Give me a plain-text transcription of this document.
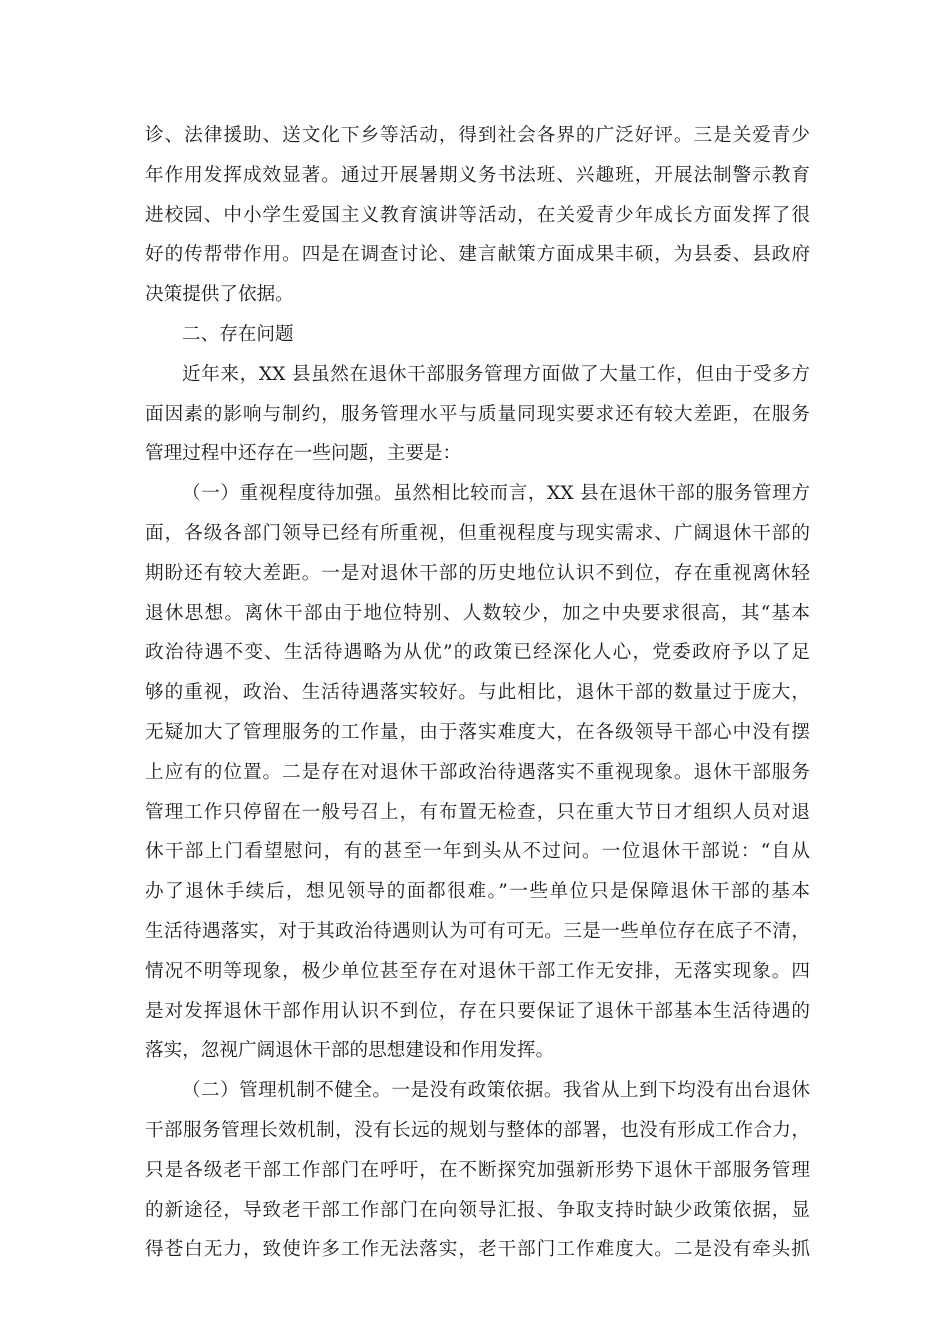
诊、法律援助、送文化下乡等活动，得到社会各界的广泛好评。三是关爱青少
年作用发挥成效显著。通过开展暑期义务书法班、兴趣班，开展法制警示教育
进校园、中小学生爱国主义教育演讲等活动，在关爱青少年成长方面发挥了很
好的传帮带作用。四是在调查讨论、建言献策方面成果丰硕，为县委、县政府
决策提供了依据。
二、存在问题
近年来，XX 县虽然在退休干部服务管理方面做了大量工作，但由于受多方
面因素的影响与制约，服务管理水平与质量同现实要求还有较大差距，在服务
管理过程中还存在一些问题，主要是：
（一）重视程度待加强。虽然相比较而言，XX 县在退休干部的服务管理方
面，各级各部门领导已经有所重视，但重视程度与现实需求、广阔退休干部的
期盼还有较大差距。一是对退休干部的历史地位认识不到位，存在重视离休轻
退休思想。离休干部由于地位特别、人数较少，加之中央要求很高，其“基本
政治待遇不变、生活待遇略为从优”的政策已经深化人心，党委政府予以了足
够的重视，政治、生活待遇落实较好。与此相比，退休干部的数量过于庞大，
无疑加大了管理服务的工作量，由于落实难度大，在各级领导干部心中没有摆
上应有的位置。二是存在对退休干部政治待遇落实不重视现象。退休干部服务
管理工作只停留在一般号召上，有布置无检查，只在重大节日才组织人员对退
休干部上门看望慰问，有的甚至一年到头从不过问。一位退休干部说：“自从
办了退休手续后，想见领导的面都很难。”一些单位只是保障退休干部的基本
生活待遇落实，对于其政治待遇则认为可有可无。三是一些单位存在底子不清，
情况不明等现象，极少单位甚至存在对退休干部工作无安排，无落实现象。四
是对发挥退休干部作用认识不到位，存在只要保证了退休干部基本生活待遇的
落实，忽视广阔退休干部的思想建设和作用发挥。
（二）管理机制不健全。一是没有政策依据。我省从上到下均没有出台退休
干部服务管理长效机制，没有长远的规划与整体的部署，也没有形成工作合力，
只是各级老干部工作部门在呼吁，在不断探究加强新形势下退休干部服务管理
的新途径，导致老干部工作部门在向领导汇报、争取支持时缺少政策依据，显
得苍白无力，致使许多工作无法落实，老干部门工作难度大。二是没有牵头抓
